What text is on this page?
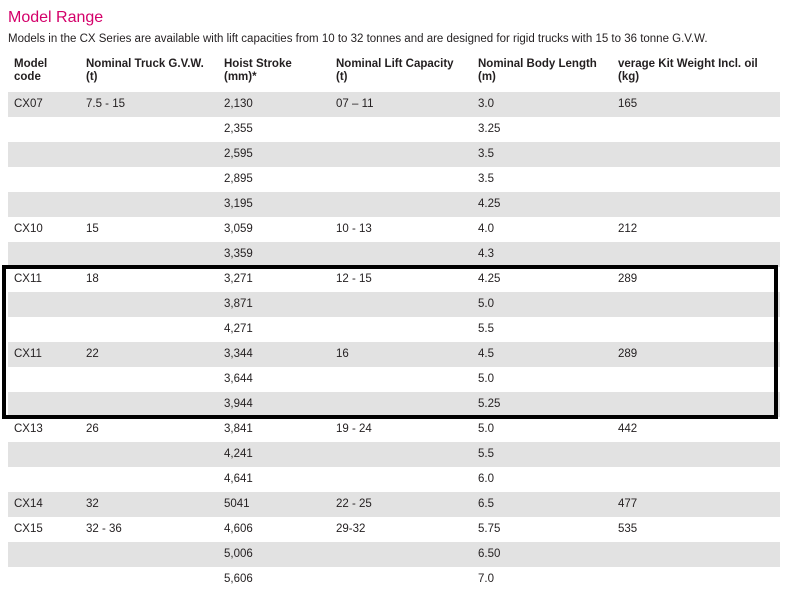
Model Range

Models in the CX Series are available with lift capacities from 10 to 32 tonnes and are designed for rigid trucks with 15 to 36 tonne G.V.W.

Model code	Nominal Truck G.V.W.(t)	Hoist Stroke (mm)*	Nominal Lift Capacity (t)	Nominal Body Length (m)	verage Kit Weight Incl. oil (kg)
CX07	7.5 - 15	2,130	07 – 11	3.0	165
		2,355		3.25	
		2,595		3.5	
		2,895		3.5	
		3,195		4.25	
CX10	15	3,059	10 - 13	4.0	212
		3,359		4.3	
CX11	18	3,271	12 - 15	4.25	289
		3,871		5.0	
		4,271		5.5	
CX11	22	3,344	16	4.5	289
		3,644		5.0	
		3,944		5.25	
CX13	26	3,841	19 - 24	5.0	442
		4,241		5.5	
		4,641		6.0	
CX14	32	5041	22 - 25	6.5	477
CX15	32 - 36	4,606	29-32	5.75	535
		5,006		6.50	
		5,606		7.0	
